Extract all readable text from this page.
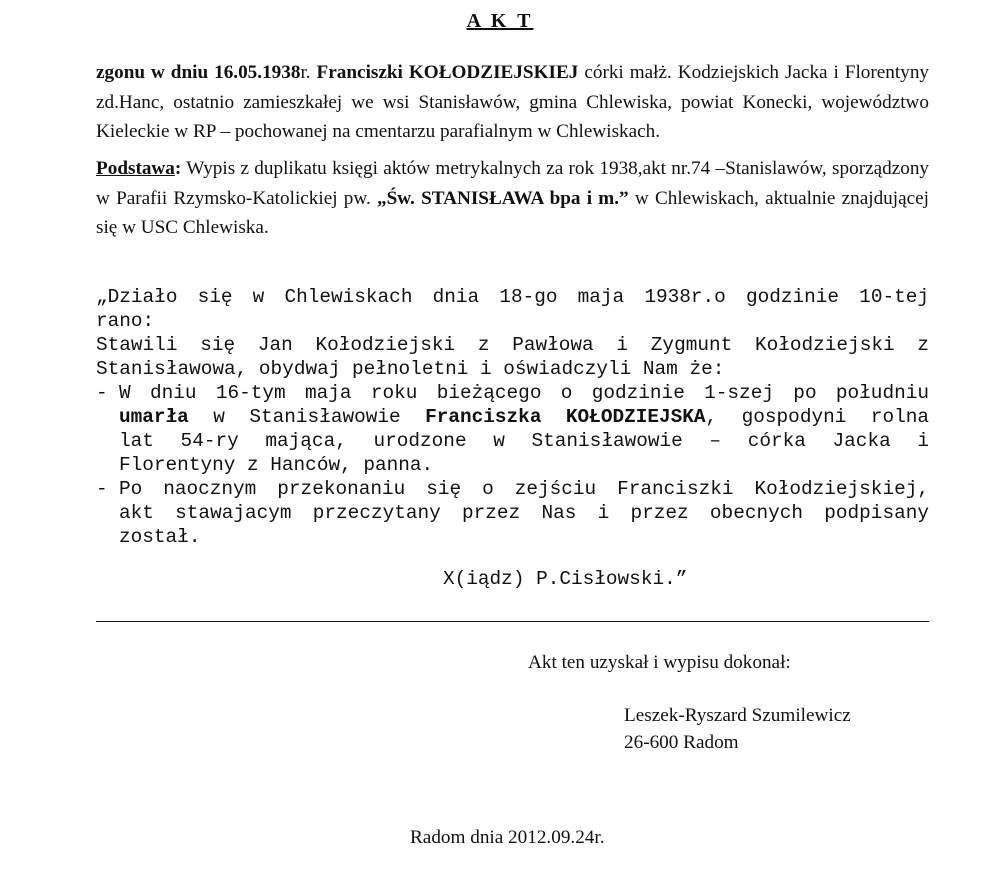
A K T
zgonu w dniu 16.05.1938r. Franciszki KOŁODZIEJSKIEJ córki małż. Kodziejskich Jacka i Florentyny zd.Hanc, ostatnio zamieszkałej we wsi Stanisławów, gmina Chlewiska, powiat Konecki, województwo Kieleckie w RP – pochowanej na cmentarzu parafialnym w Chlewiskach.
Podstawa: Wypis z duplikatu księgi aktów metrykalnych za rok 1938,akt nr.74 –Stanislawów, sporządzony w Parafii Rzymsko-Katolickiej pw. „Św. STANISŁAWA bpa i m.” w Chlewiskach, aktualnie znajdującej się w USC Chlewiska.
„Działo się w Chlewiskach dnia 18-go maja 1938r.o godzinie 10-tej
rano:
Stawili się Jan Kołodziejski z Pawłowa i Zygmunt Kołodziejski z
Stanisławowa, obydwaj pełnoletni i oświadczyli Nam że:
- W dniu 16-tym maja roku bieżącego o godzinie 1-szej po południu
umarła w Stanisławowie Franciszka KOŁODZIEJSKA, gospodyni rolna
lat 54-ry mająca, urodzone w Stanisławowie – córka Jacka i
Florentyny z Hanców, panna.
- Po naocznym przekonaniu się o zejściu Franciszki Kołodziejskiej,
akt stawajacym przeczytany przez Nas i przez obecnych podpisany
został.
X(iądz) P.Cisłowski.”
Akt ten uzyskał i wypisu dokonał:
Leszek-Ryszard Szumilewicz
26-600 Radom
Radom dnia 2012.09.24r.
